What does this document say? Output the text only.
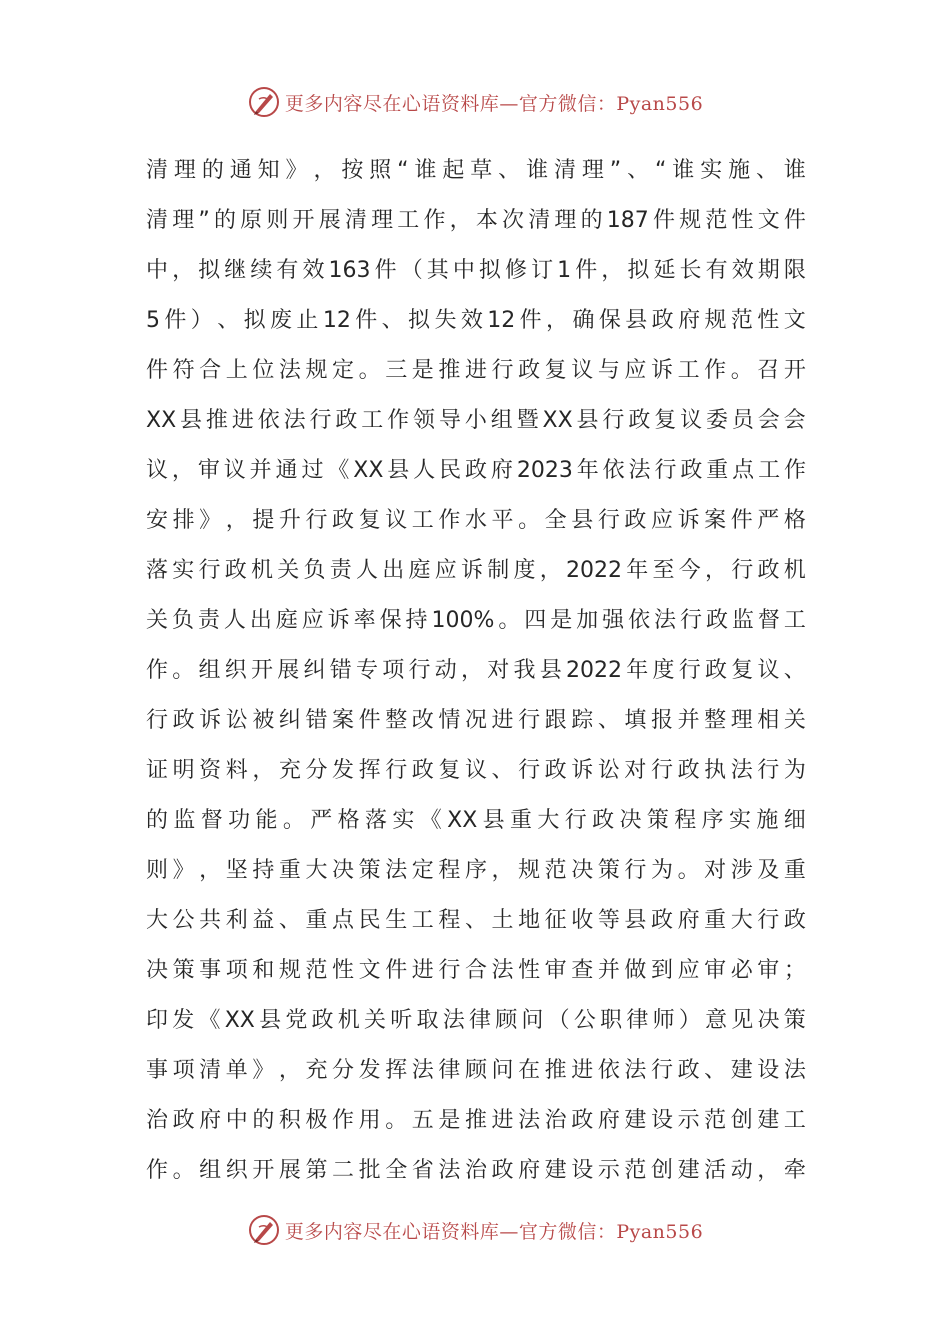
更多内容尽在心语资料库—官方微信：Pyan556
清 理 的 通 知 》 ， 按 照 “ 谁 起 草 、 谁 清 理 ” 、 “ 谁 实 施 、 谁
清 理 ” 的 原 则 开 展 清 理 工 作 ， 本 次 清 理 的 187 件 规 范 性 文 件
中 ， 拟 继 续 有 效 163 件 （ 其 中 拟 修 订 1 件 ， 拟 延 长 有 效 期 限
5 件 ） 、 拟 废 止 12 件 、 拟 失 效 12 件 ， 确 保 县 政 府 规 范 性 文
件 符 合 上 位 法 规 定 。 三 是 推 进 行 政 复 议 与 应 诉 工 作 。 召 开
XX 县 推 进 依 法 行 政 工 作 领 导 小 组 暨 XX 县 行 政 复 议 委 员 会 会
议 ， 审 议 并 通 过 《 XX 县 人 民 政 府 2023 年 依 法 行 政 重 点 工 作
安 排 》 ， 提 升 行 政 复 议 工 作 水 平 。 全 县 行 政 应 诉 案 件 严 格
落 实 行 政 机 关 负 责 人 出 庭 应 诉 制 度 ， 2022 年 至 今 ， 行 政 机
关 负 责 人 出 庭 应 诉 率 保 持 100% 。 四 是 加 强 依 法 行 政 监 督 工
作 。 组 织 开 展 纠 错 专 项 行 动 ， 对 我 县 2022 年 度 行 政 复 议 、
行 政 诉 讼 被 纠 错 案 件 整 改 情 况 进 行 跟 踪 、 填 报 并 整 理 相 关
证 明 资 料 ， 充 分 发 挥 行 政 复 议 、 行 政 诉 讼 对 行 政 执 法 行 为
的 监 督 功 能 。 严 格 落 实 《 XX 县 重 大 行 政 决 策 程 序 实 施 细
则 》 ， 坚 持 重 大 决 策 法 定 程 序 ， 规 范 决 策 行 为 。 对 涉 及 重
大 公 共 利 益 、 重 点 民 生 工 程 、 土 地 征 收 等 县 政 府 重 大 行 政
决 策 事 项 和 规 范 性 文 件 进 行 合 法 性 审 查 并 做 到 应 审 必 审 ；
印 发 《 XX 县 党 政 机 关 听 取 法 律 顾 问 （ 公 职 律 师 ） 意 见 决 策
事 项 清 单 》 ， 充 分 发 挥 法 律 顾 问 在 推 进 依 法 行 政 、 建 设 法
治 政 府 中 的 积 极 作 用 。 五 是 推 进 法 治 政 府 建 设 示 范 创 建 工
作 。 组 织 开 展 第 二 批 全 省 法 治 政 府 建 设 示 范 创 建 活 动 ， 牵
更多内容尽在心语资料库—官方微信：Pyan556
